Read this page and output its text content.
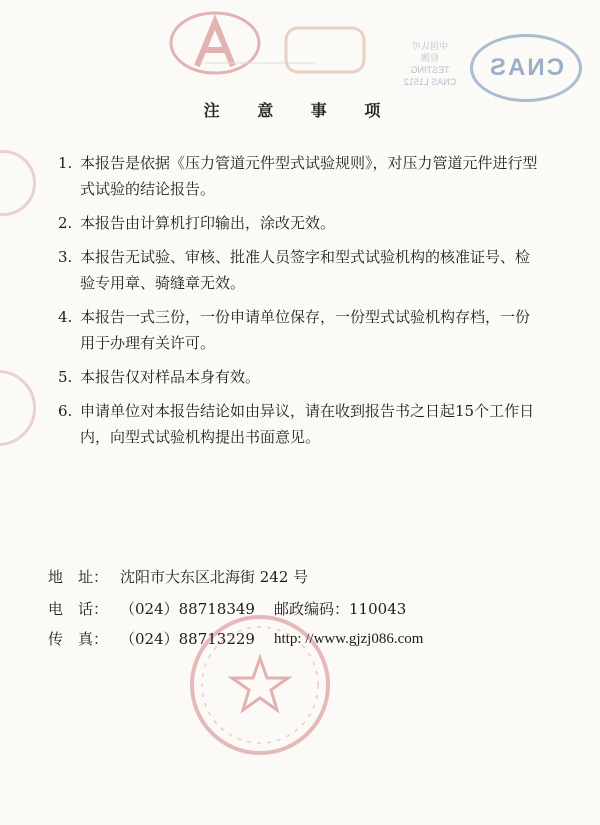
中国认可
检测
TESTING
CNAS L1512
CNAS
注 意 事 项
1. 本报告是依据《压力管道元件型式试验规则》，对压力管道元件进行型式试验的结论报告。
2. 本报告由计算机打印输出，涂改无效。
3. 本报告无试验、审核、批准人员签字和型式试验机构的核准证号、检验专用章、骑缝章无效。
4. 本报告一式三份，一份申请单位保存，一份型式试验机构存档，一份用于办理有关许可。
5. 本报告仅对样品本身有效。
6. 申请单位对本报告结论如由异议，请在收到报告书之日起15个工作日内，向型式试验机构提出书面意见。
地　址： 沈阳市大东区北海街 242 号
电　话： （024）88718349 邮政编码：110043
传　真： （024）88713229 http: //www.gjzj086.com
